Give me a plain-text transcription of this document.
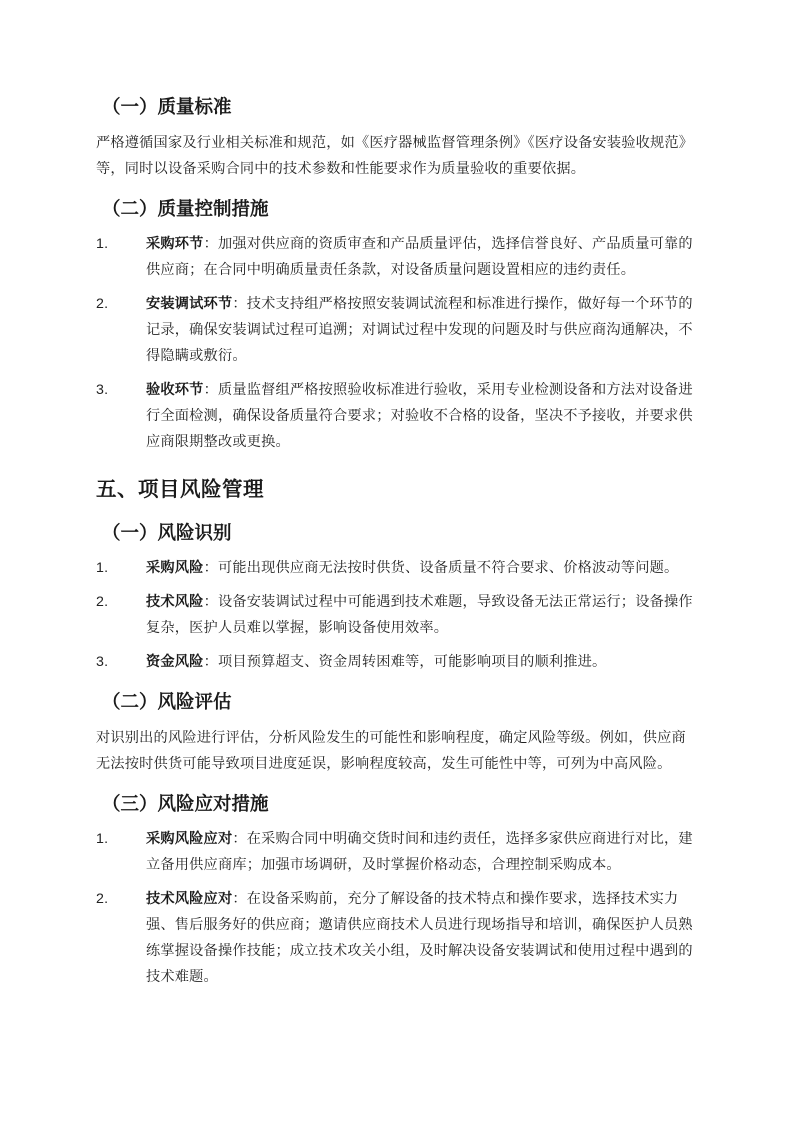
（一）质量标准

严格遵循国家及行业相关标准和规范，如《医疗器械监督管理条例》《医疗设备安装验收规范》等，同时以设备采购合同中的技术参数和性能要求作为质量验收的重要依据。

（二）质量控制措施
1.	采购环节：加强对供应商的资质审查和产品质量评估，选择信誉良好、产品质量可靠的供应商；在合同中明确质量责任条款，对设备质量问题设置相应的违约责任。
2.	安装调试环节：技术支持组严格按照安装调试流程和标准进行操作，做好每一个环节的记录，确保安装调试过程可追溯；对调试过程中发现的问题及时与供应商沟通解决，不得隐瞒或敷衍。
3.	验收环节：质量监督组严格按照验收标准进行验收，采用专业检测设备和方法对设备进行全面检测，确保设备质量符合要求；对验收不合格的设备，坚决不予接收，并要求供应商限期整改或更换。
五、项目风险管理
（一）风险识别
1.	采购风险：可能出现供应商无法按时供货、设备质量不符合要求、价格波动等问题。
2.	技术风险：设备安装调试过程中可能遇到技术难题，导致设备无法正常运行；设备操作复杂，医护人员难以掌握，影响设备使用效率。
3.	资金风险：项目预算超支、资金周转困难等，可能影响项目的顺利推进。
（二）风险评估

对识别出的风险进行评估，分析风险发生的可能性和影响程度，确定风险等级。例如，供应商无法按时供货可能导致项目进度延误，影响程度较高，发生可能性中等，可列为中高风险。

（三）风险应对措施
1.	采购风险应对：在采购合同中明确交货时间和违约责任，选择多家供应商进行对比，建立备用供应商库；加强市场调研，及时掌握价格动态，合理控制采购成本。
2.	技术风险应对：在设备采购前，充分了解设备的技术特点和操作要求，选择技术实力强、售后服务好的供应商；邀请供应商技术人员进行现场指导和培训，确保医护人员熟练掌握设备操作技能；成立技术攻关小组，及时解决设备安装调试和使用过程中遇到的技术难题。
